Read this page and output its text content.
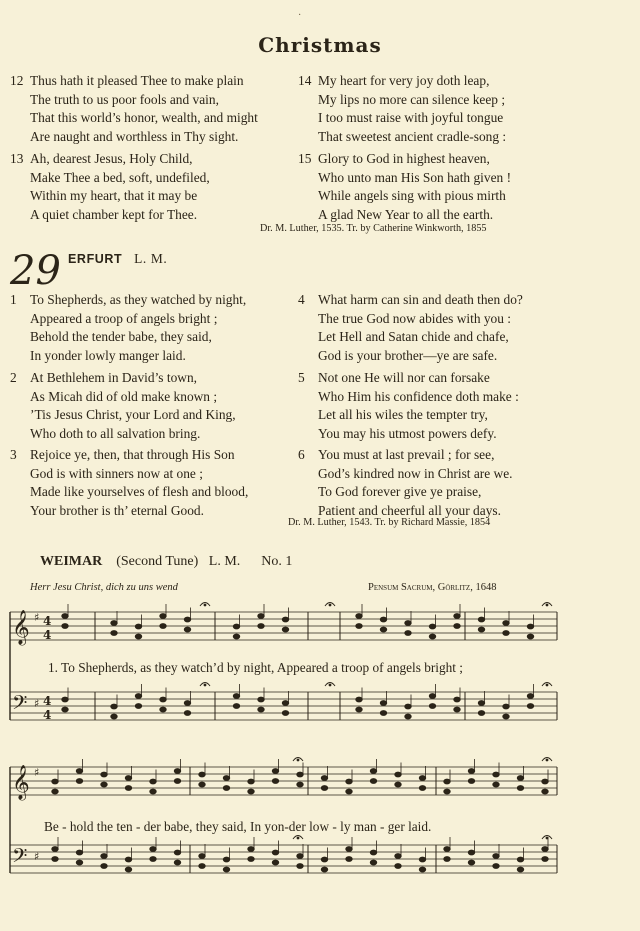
·
Christmas
12 Thus hath it pleased Thee to make plain
The truth to us poor fools and vain,
That this world’s honor, wealth, and might
Are naught and worthless in Thy sight.
13 Ah, dearest Jesus, Holy Child,
Make Thee a bed, soft, undefiled,
Within my heart, that it may be
A quiet chamber kept for Thee.
14 My heart for very joy doth leap,
My lips no more can silence keep ;
I too must raise with joyful tongue
That sweetest ancient cradle-song :
15 Glory to God in highest heaven,
Who unto man His Son hath given !
While angels sing with pious mirth
A glad New Year to all the earth.
Dr. M. Luther, 1535. Tr. by Catherine Winkworth, 1855
29 ERFURT L. M.
1 To Shepherds, as they watched by night,
Appeared a troop of angels bright ;
Behold the tender babe, they said,
In yonder lowly manger laid.
2 At Bethlehem in David’s town,
As Micah did of old make known ;
’Tis Jesus Christ, your Lord and King,
Who doth to all salvation bring.
3 Rejoice ye, then, that through His Son
God is with sinners now at one ;
Made like yourselves of flesh and blood,
Your brother is th’ eternal Good.
4 What harm can sin and death then do?
The true God now abides with you :
Let Hell and Satan chide and chafe,
God is your brother—ye are safe.
5 Not one He will nor can forsake
Who Him his confidence doth make :
Let all his wiles the tempter try,
You may his utmost powers defy.
6 You must at last prevail ; for see,
God’s kindred now in Christ are we.
To God forever give ye praise,
Patient and cheerful all your days.
Dr. M. Luther, 1543. Tr. by Richard Massie, 1854
WEIMAR (Second Tune) L. M. No. 1
Herr Jesu Christ, dich zu uns wend	Pensum Sacrum, Görlitz, 1648
𝄞 ♯ 4
4
𝄢 ♯ 4
4
𝄞 ♯
𝄢 ♯
1. To Shepherds, as they watch’d by night, Appeared a troop of angels bright ;
Be - hold the ten - der babe, they said, In yon-der low - ly man - ger laid.
